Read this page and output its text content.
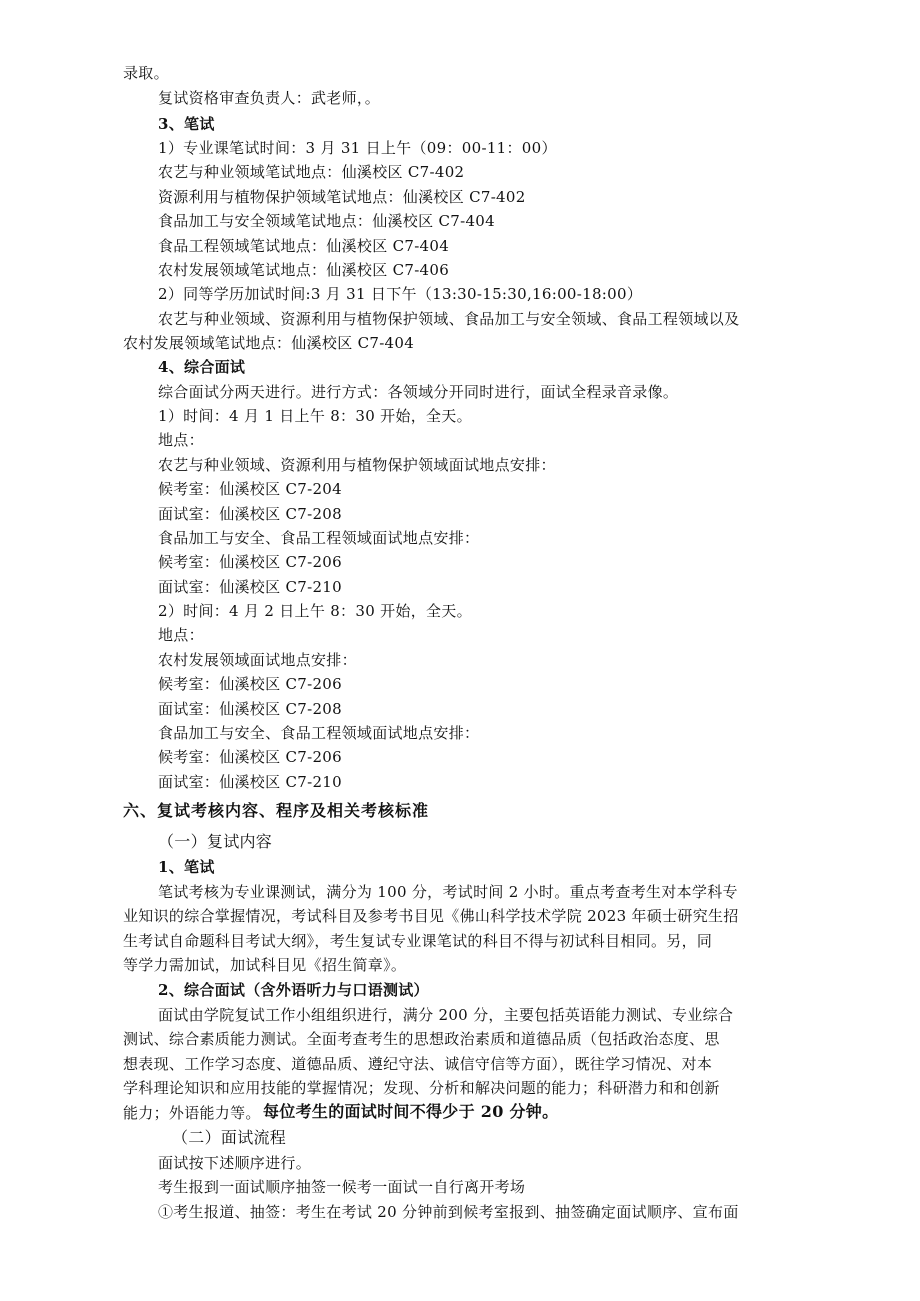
录取。
复试资格审查负责人：武老师，。
3、笔试
1）专业课笔试时间：3 月 31 日上午（09：00-11：00）
农艺与种业领域笔试地点：仙溪校区 C7-402
资源利用与植物保护领域笔试地点：仙溪校区 C7-402
食品加工与安全领域笔试地点：仙溪校区 C7-404
食品工程领域笔试地点：仙溪校区 C7-404
农村发展领域笔试地点：仙溪校区 C7-406
2）同等学历加试时间:3 月 31 日下午（13:30-15:30,16:00-18:00）
农艺与种业领域、资源利用与植物保护领域、食品加工与安全领域、食品工程领域以及
农村发展领域笔试地点：仙溪校区 C7-404
4、综合面试
综合面试分两天进行。进行方式：各领域分开同时进行，面试全程录音录像。
1）时间：4 月 1 日上午 8：30 开始，全天。
地点：
农艺与种业领域、资源利用与植物保护领域面试地点安排：
候考室：仙溪校区 C7-204
面试室：仙溪校区 C7-208
食品加工与安全、食品工程领域面试地点安排：
候考室：仙溪校区 C7-206
面试室：仙溪校区 C7-210
2）时间：4 月 2 日上午 8：30 开始，全天。
地点：
农村发展领域面试地点安排：
候考室：仙溪校区 C7-206
面试室：仙溪校区 C7-208
食品加工与安全、食品工程领域面试地点安排：
候考室：仙溪校区 C7-206
面试室：仙溪校区 C7-210
六、复试考核内容、程序及相关考核标准
（一）复试内容
1、笔试
笔试考核为专业课测试，满分为 100 分，考试时间 2 小时。重点考查考生对本学科专
业知识的综合掌握情况，考试科目及参考书目见《佛山科学技术学院 2023 年硕士研究生招
生考试自命题科目考试大纲》，考生复试专业课笔试的科目不得与初试科目相同。另，同
等学力需加试，加试科目见《招生简章》。
2、综合面试（含外语听力与口语测试）
面试由学院复试工作小组组织进行，满分 200 分，主要包括英语能力测试、专业综合
测试、综合素质能力测试。全面考查考生的思想政治素质和道德品质（包括政治态度、思
想表现、工作学习态度、道德品质、遵纪守法、诚信守信等方面），既往学习情况、对本
学科理论知识和应用技能的掌握情况；发现、分析和解决问题的能力；科研潜力和和创新
能力；外语能力等。 每位考生的面试时间不得少于 20 分钟。
（二）面试流程
面试按下述顺序进行。
考生报到一面试顺序抽签一候考一面试一自行离开考场
①考生报道、抽签：考生在考试 20 分钟前到候考室报到、抽签确定面试顺序、宣布面
